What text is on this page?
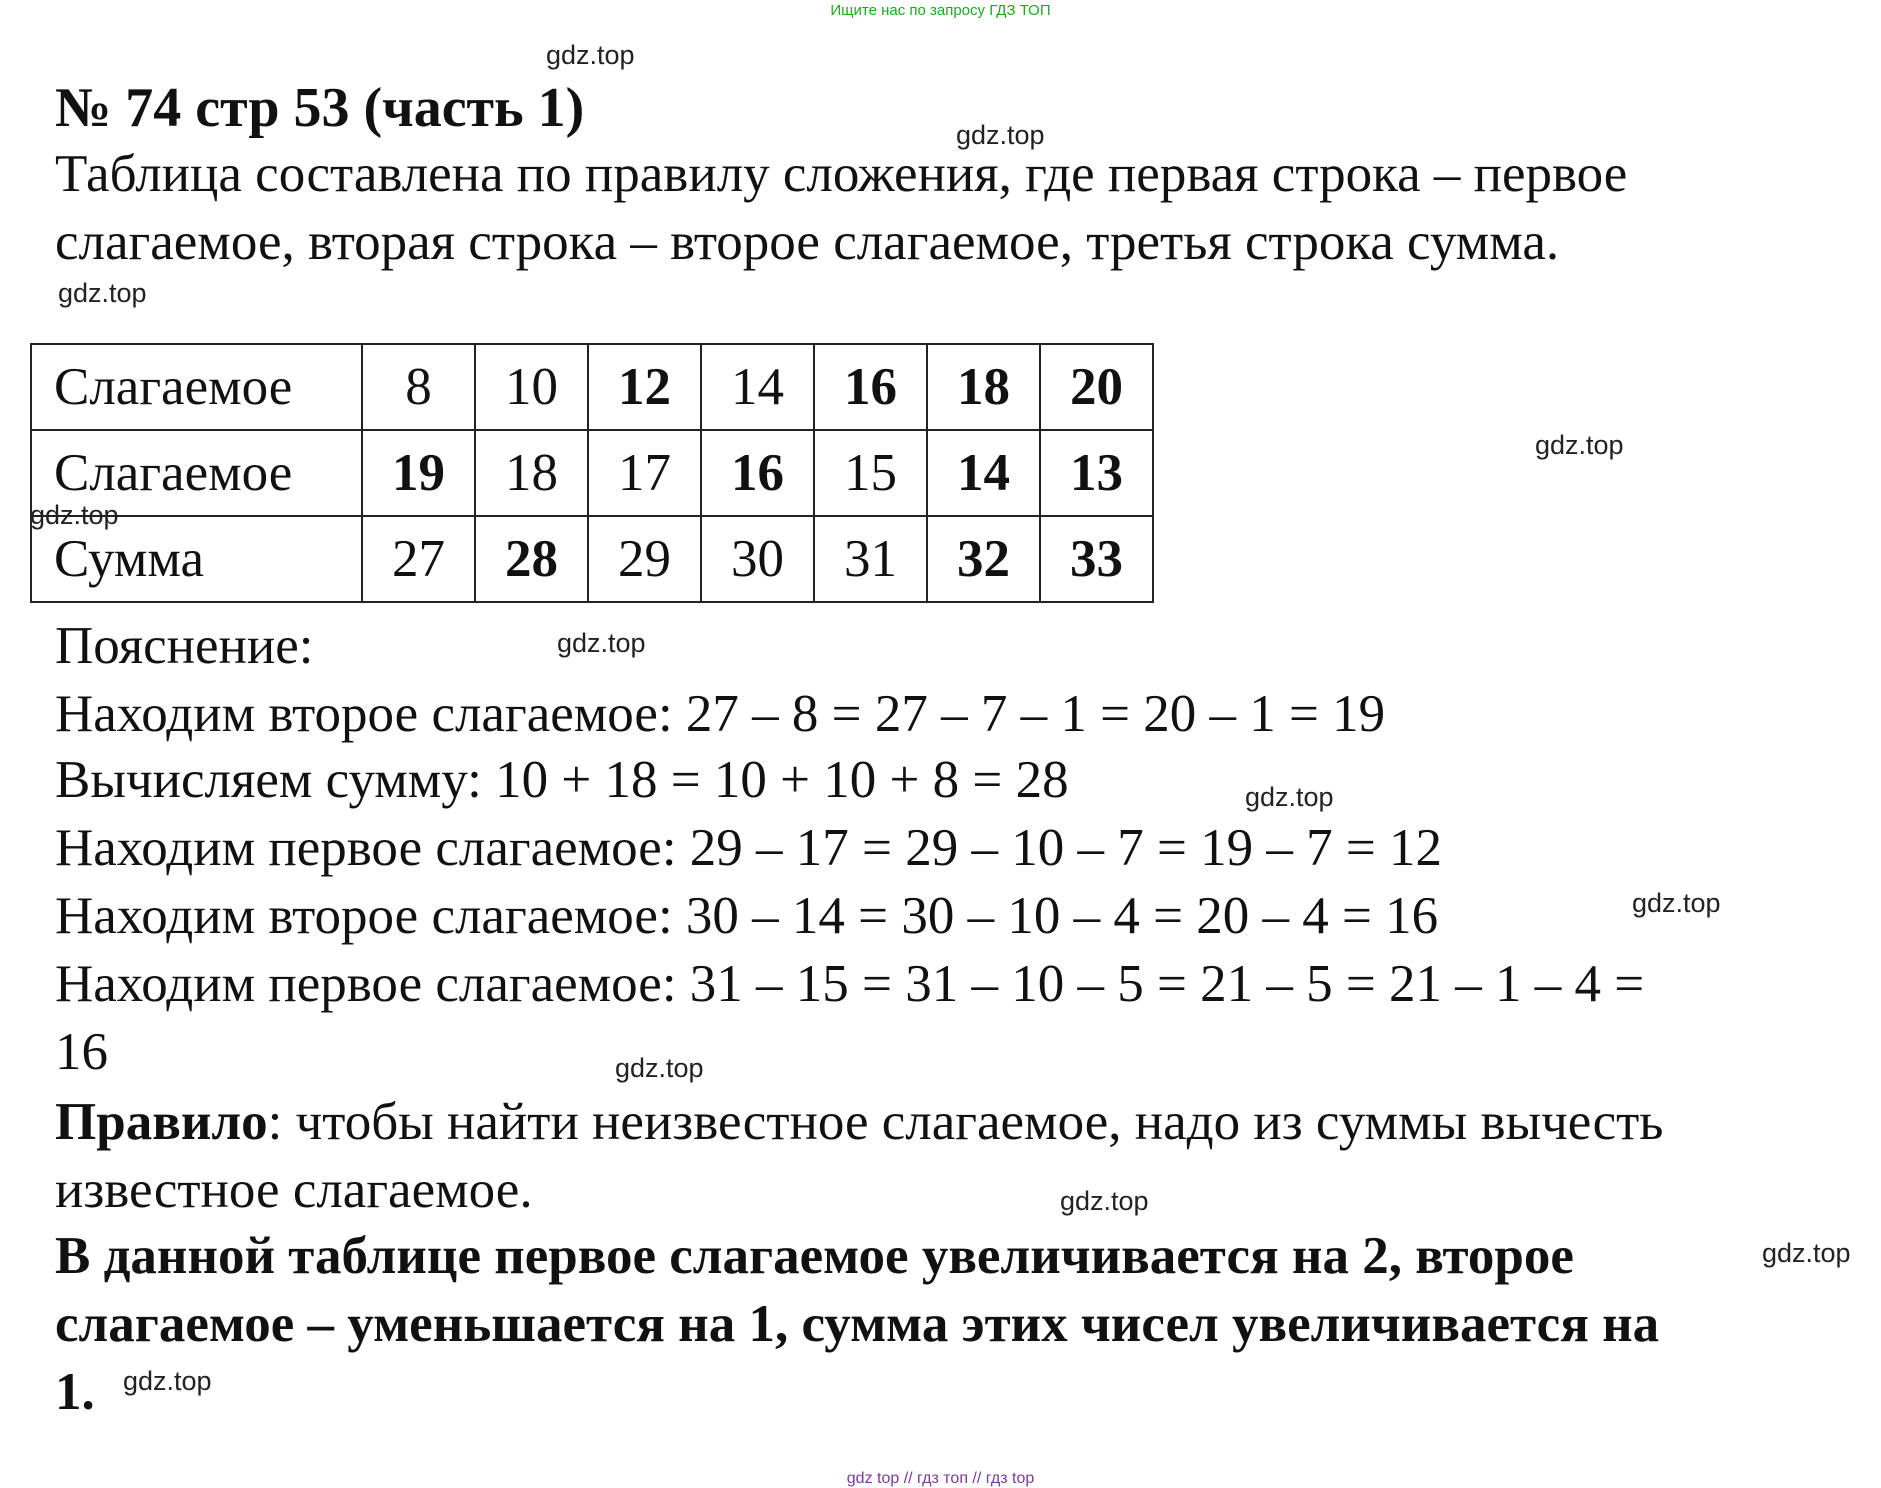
Ищите нас по запросу ГДЗ ТОП
№ 74 стр 53 (часть 1)
Таблица составлена по правилу сложения, где первая строка – первое
слагаемое, вторая строка – второе слагаемое, третья строка сумма.
Слагаемое	8	10	12	14	16	18	20
Слагаемое	19	18	17	16	15	14	13
Сумма	27	28	29	30	31	32	33
Пояснение:
Находим второе слагаемое: 27 – 8 = 27 – 7 – 1 = 20 – 1 = 19
Вычисляем сумму: 10 + 18 = 10 + 10 + 8 = 28
Находим первое слагаемое: 29 – 17 = 29 – 10 – 7 = 19 – 7 = 12
Находим второе слагаемое: 30 – 14 = 30 – 10 – 4 = 20 – 4 = 16
Находим первое слагаемое: 31 – 15 = 31 – 10 – 5 = 21 – 5 = 21 – 1 – 4 =
16
Правило: чтобы найти неизвестное слагаемое, надо из суммы вычесть
известное слагаемое.
В данной таблице первое слагаемое увеличивается на 2, второе
слагаемое – уменьшается на 1, сумма этих чисел увеличивается на
1.
gdz.top
gdz.top
gdz.top
gdz.top
gdz.top
gdz.top
gdz.top
gdz.top
gdz.top
gdz.top
gdz.top
gdz.top
gdz top // гдз топ // гдз top
